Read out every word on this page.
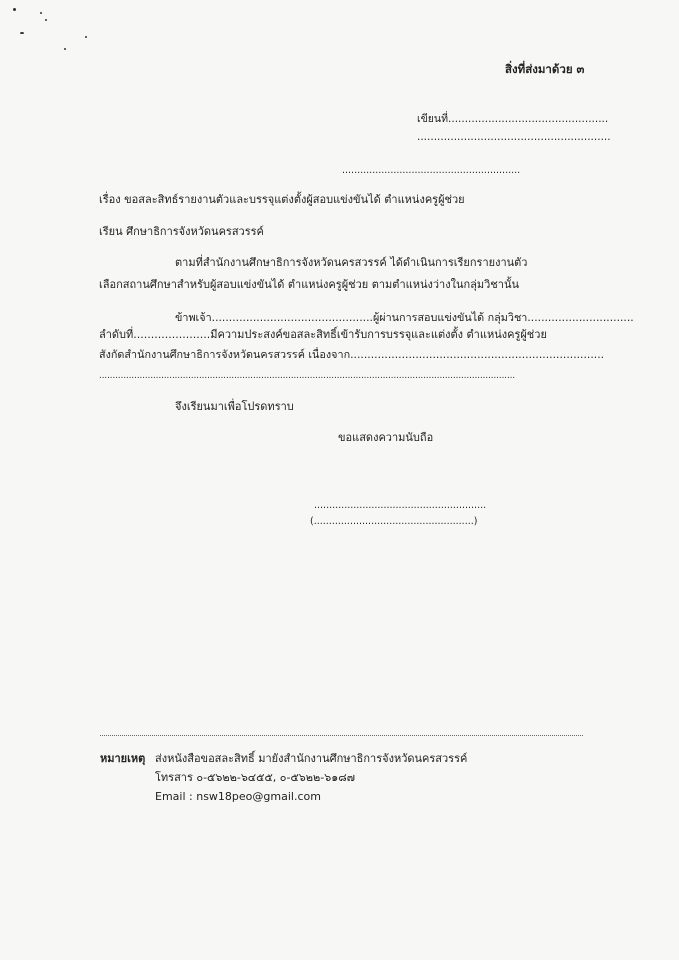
สิ่งที่ส่งมาด้วย ๓
เขียนที่................................................
..........................................................
...........................................................
เรื่อง ขอสละสิทธ์รายงานตัวและบรรจุแต่งตั้งผู้สอบแข่งขันได้ ตำแหน่งครูผู้ช่วย
เรียน ศึกษาธิการจังหวัดนครสวรรค์
ตามที่สำนักงานศึกษาธิการจังหวัดนครสวรรค์ ได้ดำเนินการเรียกรายงานตัว
เลือกสถานศึกษาสำหรับผู้สอบแข่งขันได้ ตำแหน่งครูผู้ช่วย ตามตำแหน่งว่างในกลุ่มวิชานั้น
ข้าพเจ้า...............................................ผู้ผ่านการสอบแข่งขันได้ กลุ่มวิชา...............................
ลำดับที่......................มีความประสงค์ขอสละสิทธิ์เข้ารับการบรรจุและแต่งตั้ง ตำแหน่งครูผู้ช่วย
สังกัดสำนักงานศึกษาธิการจังหวัดนครสวรรค์ เนื่องจาก..........................................................................
..........................................................................................................................................................
จึงเรียนมาเพื่อโปรดทราบ
ขอแสดงความนับถือ
.........................................................
(.....................................................)
หมายเหตุ ส่งหนังสือขอสละสิทธิ์ มายังสำนักงานศึกษาธิการจังหวัดนครสวรรค์
โทรสาร ๐-๕๖๒๒-๖๔๕๕, ๐-๕๖๒๒-๖๑๘๗
Email : nsw18peo@gmail.com
